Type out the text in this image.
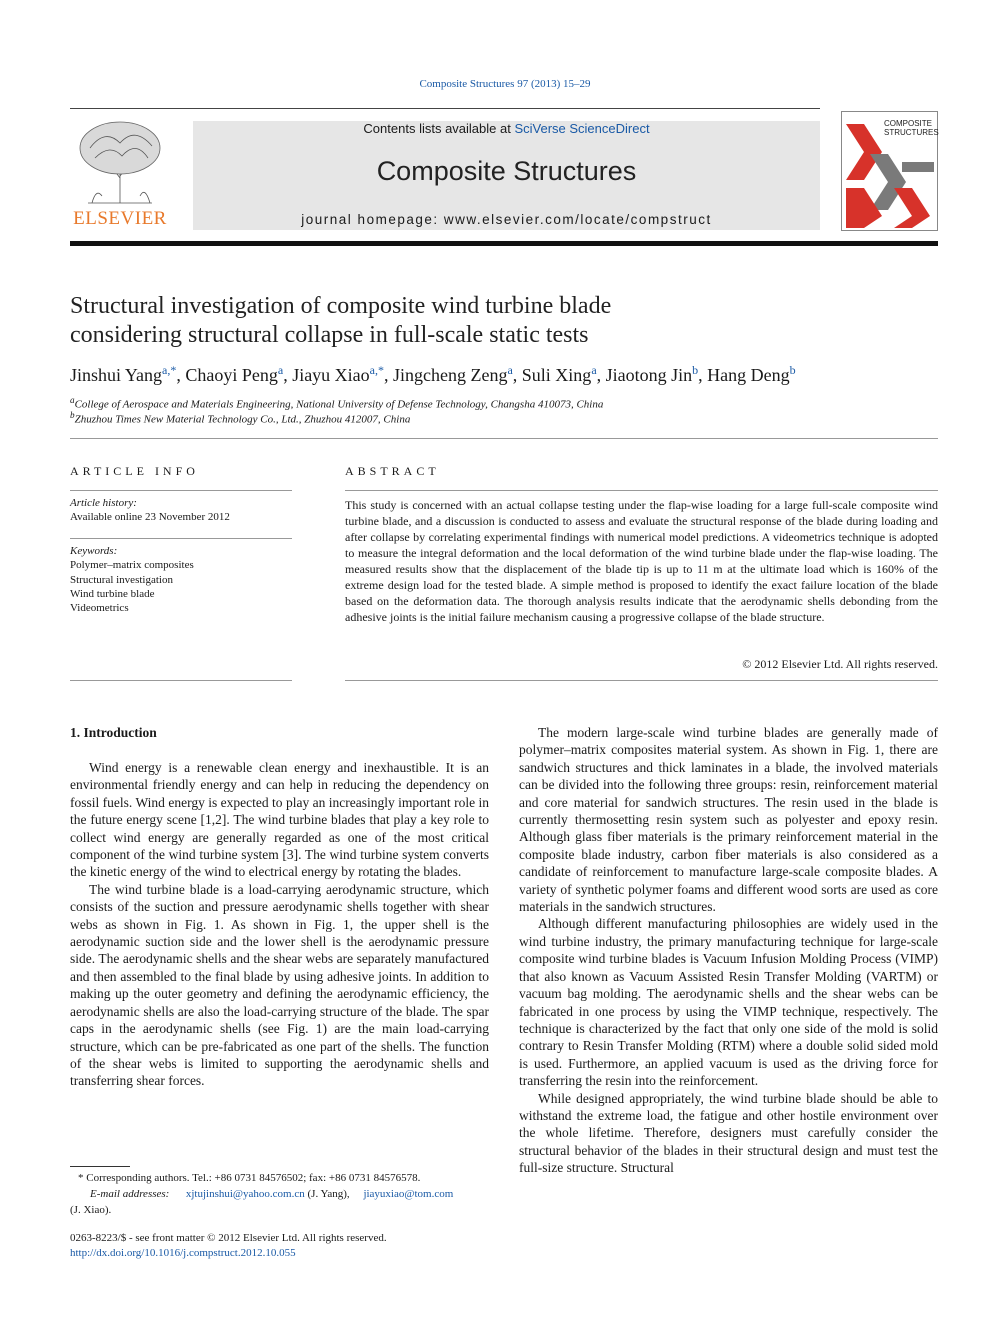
Composite Structures 97 (2013) 15–29
ELSEVIER
Contents lists available at SciVerse ScienceDirect
Composite Structures
journal homepage: www.elsevier.com/locate/compstruct
COMPOSITE
STRUCTURES
Structural investigation of composite wind turbine blade
considering structural collapse in full-scale static tests
Jinshui Yang$^{a,*}$, Chaoyi Peng$^a$, Jiayu Xiao$^{a,*}$, Jingcheng Zeng$^a$, Suli Xing$^a$, Jiaotong Jin$^b$, Hang Deng$^b$
$^a$College of Aerospace and Materials Engineering, National University of Defense Technology, Changsha 410073, China
$^b$Zhuzhou Times New Material Technology Co., Ltd., Zhuzhou 412007, China
ARTICLE INFO
Article history:
Available online 23 November 2012
Keywords:
Polymer–matrix composites
Structural investigation
Wind turbine blade
Videometrics
ABSTRACT
This study is concerned with an actual collapse testing under the flap-wise loading for a large full-scale composite wind turbine blade, and a discussion is conducted to assess and evaluate the structural response of the blade during loading and after collapse by correlating experimental findings with numerical model predictions. A videometrics technique is adopted to measure the integral deformation and the local deformation of the wind turbine blade under the flap-wise loading. The measured results show that the displacement of the blade tip is up to 11 m at the ultimate load which is 160% of the extreme design load for the tested blade. A simple method is proposed to identify the exact failure location of the blade based on the deformation data. The thorough analysis results indicate that the aerodynamic shells debonding from the adhesive joints is the initial failure mechanism causing a progressive collapse of the blade structure.
© 2012 Elsevier Ltd. All rights reserved.
1. Introduction

Wind energy is a renewable clean energy and inexhaustible. It is an environmental friendly energy and can help in reducing the dependency on fossil fuels. Wind energy is expected to play an increasingly important role in the future energy scene [1,2]. The wind turbine blades that play a key role to collect wind energy are generally regarded as one of the most critical component of the wind turbine system [3]. The wind turbine system converts the kinetic energy of the wind to electrical energy by rotating the blades.

The wind turbine blade is a load-carrying aerodynamic structure, which consists of the suction and pressure aerodynamic shells together with shear webs as shown in Fig. 1. As shown in Fig. 1, the upper shell is the aerodynamic suction side and the lower shell is the aerodynamic pressure side. The aerodynamic shells and the shear webs are separately manufactured and then assembled to the final blade by using adhesive joints. In addition to making up the outer geometry and defining the aerodynamic efficiency, the aerodynamic shells are also the load-carrying structure of the blade. The spar caps in the aerodynamic shells (see Fig. 1) are the main load-carrying structure, which can be pre-fabricated as one part of the shells. The function of the shear webs is limited to supporting the aerodynamic shells and transferring shear forces.

The modern large-scale wind turbine blades are generally made of polymer–matrix composites material system. As shown in Fig. 1, there are sandwich structures and thick laminates in a blade, the involved materials can be divided into the following three groups: resin, reinforcement material and core material for sandwich structures. The resin used in the blade is currently thermosetting resin system such as polyester and epoxy resin. Although glass fiber materials is the primary reinforcement material in the composite blade industry, carbon fiber materials is also considered as a candidate of reinforcement to manufacture large-scale composite blades. A variety of synthetic polymer foams and different wood sorts are used as core materials in the sandwich structures.

Although different manufacturing philosophies are widely used in the wind turbine industry, the primary manufacturing technique for large-scale composite wind turbine blades is Vacuum Infusion Molding Process (VIMP) that also known as Vacuum Assisted Resin Transfer Molding (VARTM) or vacuum bag molding. The aerodynamic shells and the shear webs can be fabricated in one process by using the VIMP technique, respectively. The technique is characterized by the fact that only one side of the mold is solid contrary to Resin Transfer Molding (RTM) where a double solid sided mold is used. Furthermore, an applied vacuum is used as the driving force for transferring the resin into the reinforcement.

While designed appropriately, the wind turbine blade should be able to withstand the extreme load, the fatigue and other hostile environment over the whole lifetime. Therefore, designers must carefully consider the structural behavior of the blades in their structural design and must test the full-size structure. Structural

* Corresponding authors. Tel.: +86 0731 84576502; fax: +86 0731 84576578.
E-mail addresses: xjtujinshui@yahoo.com.cn (J. Yang), jiayuxiao@tom.com
(J. Xiao).
0263-8223/$ - see front matter © 2012 Elsevier Ltd. All rights reserved.
http://dx.doi.org/10.1016/j.compstruct.2012.10.055
